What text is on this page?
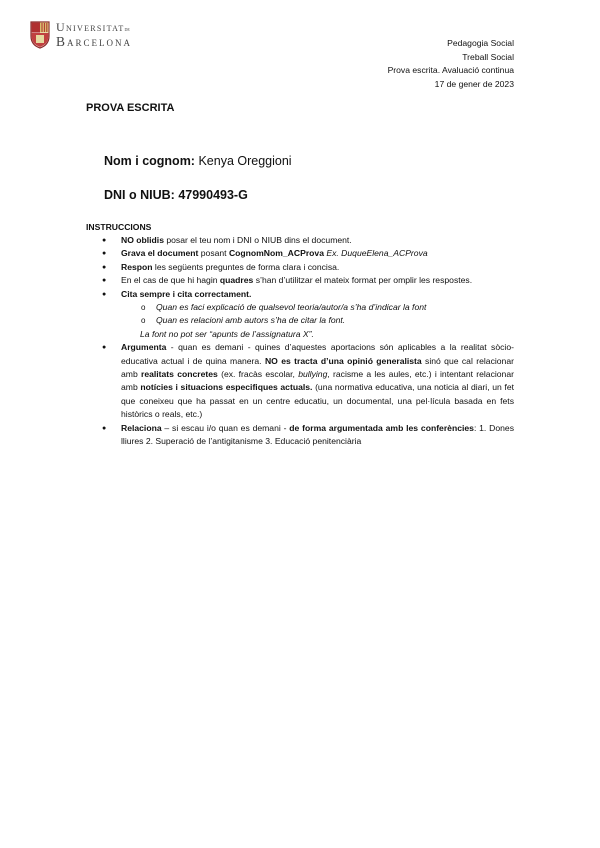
Universitatde
Barcelona	Pedagogia Social
Treball Social
Prova escrita. Avaluació continua
17 de gener de 2023
PROVA ESCRITA
Nom i cognom: Kenya Oreggioni
DNI o NIUB: 47990493-G
INSTRUCCIONS
● NO oblidis posar el teu nom i DNI o NIUB dins el document.
● Grava el document posant CognomNom_ACProva Ex. DuqueElena_ACProva
● Respon les següents preguntes de forma clara i concisa.
● En el cas de que hi hagin quadres s’han d’utilitzar el mateix format per omplir les respostes.
● Cita sempre i cita correctament.
o Quan es faci explicació de qualsevol teoria/autor/a s’ha d’indicar la font
o Quan es relacioni amb autors s’ha de citar la font.
La font no pot ser “apunts de l’assignatura X”.
● Argumenta - quan es demani - quines d’aquestes aportacions són aplicables a la realitat sòcio-educativa actual i de quina manera. NO es tracta d’una opinió generalista sinó que cal relacionar amb realitats concretes (ex. fracàs escolar, bullying, racisme a les aules, etc.) i intentant relacionar amb notícies i situacions especifiques actuals. (una normativa educativa, una noticia al diari, un fet que coneixeu que ha passat en un centre educatiu, un documental, una pel·lícula basada en fets històrics o reals, etc.)
● Relaciona – si escau i/o quan es demani - de forma argumentada amb les conferències: 1. Dones lliures 2. Superació de l’antigitanisme 3. Educació penitenciària
